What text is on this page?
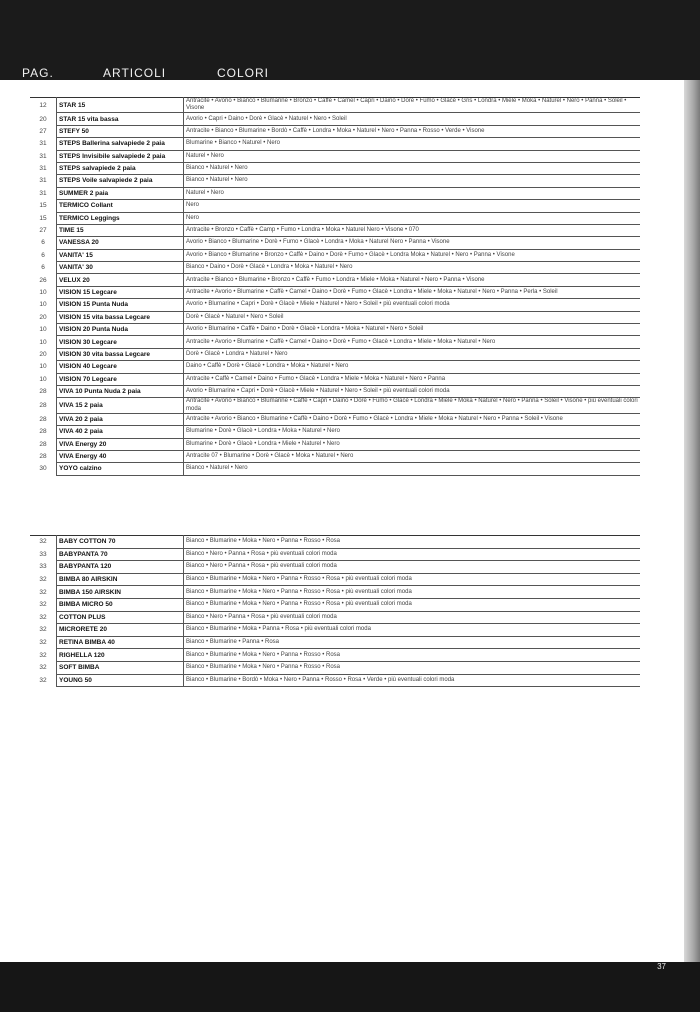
PAG.	ARTICOLI	COLORI
12	STAR 15	Antracite • Avorio • Bianco • Blumarine • Bronzo • Caffè • Camel • Capri • Daino • Dorè • Fumo • Glacè • Gris • Londra • Miele • Moka • Naturel • Nero • Panna • Soleil • Visone
20	STAR 15 vita bassa	Avorio • Capri • Daino • Dorè • Glacè • Naturel • Nero • Soleil
27	STEFY 50	Antracite • Bianco • Blumarine • Bordò • Caffè • Londra • Moka • Naturel • Nero • Panna • Rosso • Verde • Visone
31	STEPS Ballerina salvapiede 2 paia	Blumarine • Bianco • Naturel • Nero
31	STEPS Invisibile salvapiede 2 paia	Naturel • Nero
31	STEPS salvapiede 2 paia	Bianco • Naturel • Nero
31	STEPS Voile salvapiede 2 paia	Bianco • Naturel • Nero
31	SUMMER 2 paia	Naturel • Nero
15	TERMICO Collant	Nero
15	TERMICO Leggings	Nero
27	TIME 15	Antracite • Bronzo • Caffè • Camp • Fumo • Londra • Moka • Naturel Nero • Visone • 070
6	VANESSA 20	Avorio • Bianco • Blumarine • Dorè • Fumo • Glacè • Londra • Moka • Naturel Nero • Panna • Visone
6	VANITA' 15	Avorio • Bianco • Blumarine • Bronzo • Caffè • Daino • Dorè • Fumo • Glacè • Londra Moka • Naturel • Nero • Panna • Visone
6	VANITA' 30	Bianco • Daino • Dorè • Glacè • Londra • Moka • Naturel • Nero
26	VELUX 20	Antracite • Bianco • Blumarine • Bronzo • Caffè • Fumo • Londra • Miele • Moka • Naturel • Nero • Panna • Visone
10	VISION 15 Legcare	Antracite • Avorio • Blumarine • Caffè • Camel • Daino • Dorè • Fumo • Glacè • Londra • Miele • Moka • Naturel • Nero • Panna • Perla • Soleil
10	VISION 15 Punta Nuda	Avorio • Blumarine • Capri • Dorè • Glacè • Miele • Naturel • Nero • Soleil • più eventuali colori moda
20	VISION 15 vita bassa Legcare	Dorè • Glacè • Naturel • Nero • Soleil
10	VISION 20 Punta Nuda	Avorio • Blumarine • Caffè • Daino • Dorè • Glacè • Londra • Moka • Naturel • Nero • Soleil
10	VISION 30 Legcare	Antracite • Avorio • Blumarine • Caffè • Camel • Daino • Dorè • Fumo • Glacè • Londra • Miele • Moka • Naturel • Nero
20	VISION 30 vita bassa Legcare	Dorè • Glacè • Londra • Naturel • Nero
10	VISION 40 Legcare	Daino • Caffè • Dorè • Glacè • Londra • Moka • Naturel • Nero
10	VISION 70 Legcare	Antracite • Caffè • Camel • Daino • Fumo • Glacè • Londra • Miele • Moka • Naturel • Nero • Panna
28	VIVA 10 Punta Nuda 2 paia	Avorio • Blumarine • Capri • Dorè • Glacè • Miele • Naturel • Nero • Soleil • più eventuali colori moda
28	VIVA 15 2 paia	Antracite • Avorio • Bianco • Blumarine • Caffè • Capri • Daino • Dorè • Fumo • Glacè • Londra • Miele • Moka • Naturel • Nero • Panna • Soleil • Visone • più eventuali colori moda
28	VIVA 20 2 paia	Antracite • Avorio • Bianco • Blumarine • Caffè • Daino • Dorè • Fumo • Glacè • Londra • Miele • Moka • Naturel • Nero • Panna • Soleil • Visone
28	VIVA 40 2 paia	Blumarine • Dorè • Glacè • Londra • Moka • Naturel • Nero
28	VIVA Energy 20	Blumarine • Dorè • Glacè • Londra • Miele • Naturel • Nero
28	VIVA Energy 40	Antracite 07 • Blumarine • Dorè • Glacè • Moka • Naturel • Nero
30	YOYO calzino	Bianco • Naturel • Nero
32	BABY COTTON 70	Bianco • Blumarine • Moka • Nero • Panna • Rosso • Rosa
33	BABYPANTA 70	Bianco • Nero • Panna • Rosa • più eventuali colori moda
33	BABYPANTA 120	Bianco • Nero • Panna • Rosa • più eventuali colori moda
32	BIMBA 80 AIRSKIN	Bianco • Blumarine • Moka • Nero • Panna • Rosso • Rosa • più eventuali colori moda
32	BIMBA 150 AIRSKIN	Bianco • Blumarine • Moka • Nero • Panna • Rosso • Rosa • più eventuali colori moda
32	BIMBA MICRO 50	Bianco • Blumarine • Moka • Nero • Panna • Rosso • Rosa • più eventuali colori moda
32	COTTON PLUS	Bianco • Nero • Panna • Rosa • più eventuali colori moda
32	MICRORETE 20	Bianco • Blumarine • Moka • Panna • Rosa • più eventuali colori moda
32	RETINA BIMBA 40	Bianco • Blumarine • Panna • Rosa
32	RIGHELLA 120	Bianco • Blumarine • Moka • Nero • Panna • Rosso • Rosa
32	SOFT BIMBA	Bianco • Blumarine • Moka • Nero • Panna • Rosso • Rosa
32	YOUNG 50	Bianco • Blumarine • Bordò • Moka • Nero • Panna • Rosso • Rosa • Verde • più eventuali colori moda
37
